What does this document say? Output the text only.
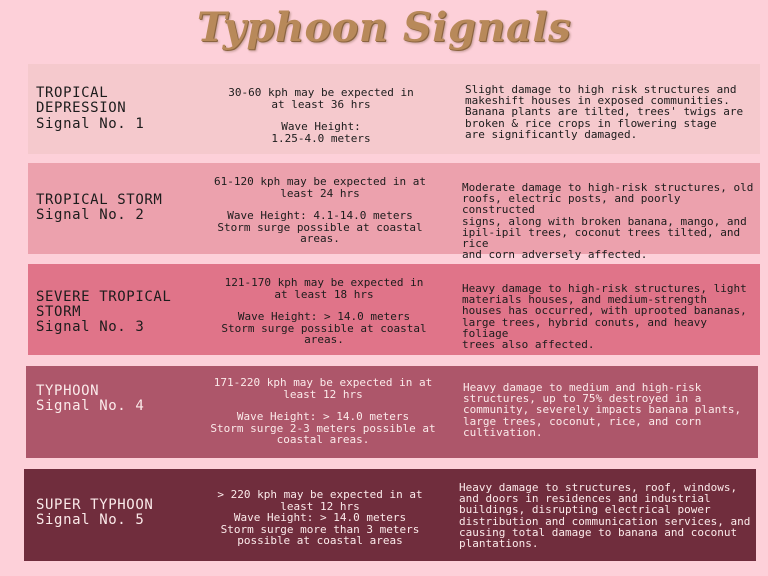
Typhoon Signals
TROPICAL
DEPRESSION
Signal No. 1
30-60 kph may be expected in
at least 36 hrs
Wave Height:
1.25-4.0 meters
Slight damage to high risk structures and
makeshift houses in exposed communities.
Banana plants are tilted, trees' twigs are
broken & rice crops in flowering stage
are significantly damaged.
TROPICAL STORM
Signal No. 2
61-120 kph may be expected in at
least 24 hrs
Wave Height: 4.1-14.0 meters
Storm surge possible at coastal
areas.
Moderate damage to high-risk structures, old
roofs, electric posts, and poorly constructed
signs, along with broken banana, mango, and
ipil-ipil trees, coconut trees tilted, and rice
and corn adversely affected.
SEVERE TROPICAL
STORM
Signal No. 3
121-170 kph may be expected in
at least 18 hrs
Wave Height: > 14.0 meters
Storm surge possible at coastal
areas.
Heavy damage to high-risk structures, light
materials houses, and medium-strength
houses has occurred, with uprooted bananas,
large trees, hybrid conuts, and heavy foliage
trees also affected.
TYPHOON
Signal No. 4
171-220 kph may be expected in at
least 12 hrs
Wave Height: > 14.0 meters
Storm surge 2-3 meters possible at
coastal areas.
Heavy damage to medium and high-risk
structures, up to 75% destroyed in a
community, severely impacts banana plants,
large trees, coconut, rice, and corn
cultivation.
SUPER TYPHOON
Signal No. 5
> 220 kph may be expected in at
least 12 hrs
Wave Height: > 14.0 meters
Storm surge more than 3 meters
possible at coastal areas
Heavy damage to structures, roof, windows,
and doors in residences and industrial
buildings, disrupting electrical power
distribution and communication services, and
causing total damage to banana and coconut
plantations.
